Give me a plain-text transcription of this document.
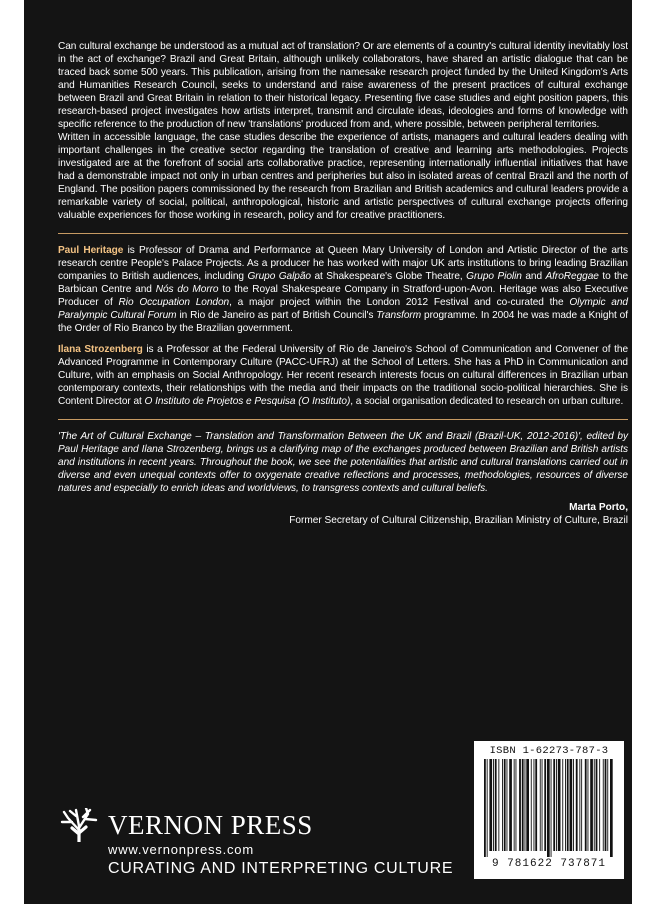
Can cultural exchange be understood as a mutual act of translation? Or are elements of a country's cultural identity inevitably lost in the act of exchange? Brazil and Great Britain, although unlikely collaborators, have shared an artistic dialogue that can be traced back some 500 years. This publication, arising from the namesake research project funded by the United Kingdom's Arts and Humanities Research Council, seeks to understand and raise awareness of the present practices of cultural exchange between Brazil and Great Britain in relation to their historical legacy. Presenting five case studies and eight position papers, this research-based project investigates how artists interpret, transmit and circulate ideas, ideologies and forms of knowledge with specific reference to the production of new 'translations' produced from and, where possible, between peripheral territories.

Written in accessible language, the case studies describe the experience of artists, managers and cultural leaders dealing with important challenges in the creative sector regarding the translation of creative and learning arts methodologies. Projects investigated are at the forefront of social arts collaborative practice, representing internationally influential initiatives that have had a demonstrable impact not only in urban centres and peripheries but also in isolated areas of central Brazil and the north of England. The position papers commissioned by the research from Brazilian and British academics and cultural leaders provide a remarkable variety of social, political, anthropological, historic and artistic perspectives of cultural exchange projects offering valuable experiences for those working in research, policy and for creative practitioners.

Paul Heritage is Professor of Drama and Performance at Queen Mary University of London and Artistic Director of the arts research centre People's Palace Projects. As a producer he has worked with major UK arts institutions to bring leading Brazilian companies to British audiences, including Grupo Galpão at Shakespeare's Globe Theatre, Grupo Piolin and AfroReggae to the Barbican Centre and Nós do Morro to the Royal Shakespeare Company in Stratford-upon-Avon. Heritage was also Executive Producer of Rio Occupation London, a major project within the London 2012 Festival and co-curated the Olympic and Paralympic Cultural Forum in Rio de Janeiro as part of British Council's Transform programme. In 2004 he was made a Knight of the Order of Rio Branco by the Brazilian government.

Ilana Strozenberg is a Professor at the Federal University of Rio de Janeiro's School of Communication and Convener of the Advanced Programme in Contemporary Culture (PACC-UFRJ) at the School of Letters. She has a PhD in Communication and Culture, with an emphasis on Social Anthropology. Her recent research interests focus on cultural differences in Brazilian urban contemporary contexts, their relationships with the media and their impacts on the traditional socio-political hierarchies. She is Content Director at O Instituto de Projetos e Pesquisa (O Instituto), a social organisation dedicated to research on urban culture.

'The Art of Cultural Exchange – Translation and Transformation Between the UK and Brazil (Brazil-UK, 2012-2016)', edited by Paul Heritage and Ilana Strozenberg, brings us a clarifying map of the exchanges produced between Brazilian and British artists and institutions in recent years. Throughout the book, we see the potentialities that artistic and cultural translations carried out in diverse and even unequal contexts offer to oxygenate creative reflections and processes, methodologies, resources of diverse natures and especially to enrich ideas and worldviews, to transgress contexts and cultural beliefs.

Marta Porto,
Former Secretary of Cultural Citizenship, Brazilian Ministry of Culture, Brazil
VERNON PRESS
www.vernonpress.com
CURATING AND INTERPRETING CULTURE
ISBN 1-62273-787-3
9 781622 737871
